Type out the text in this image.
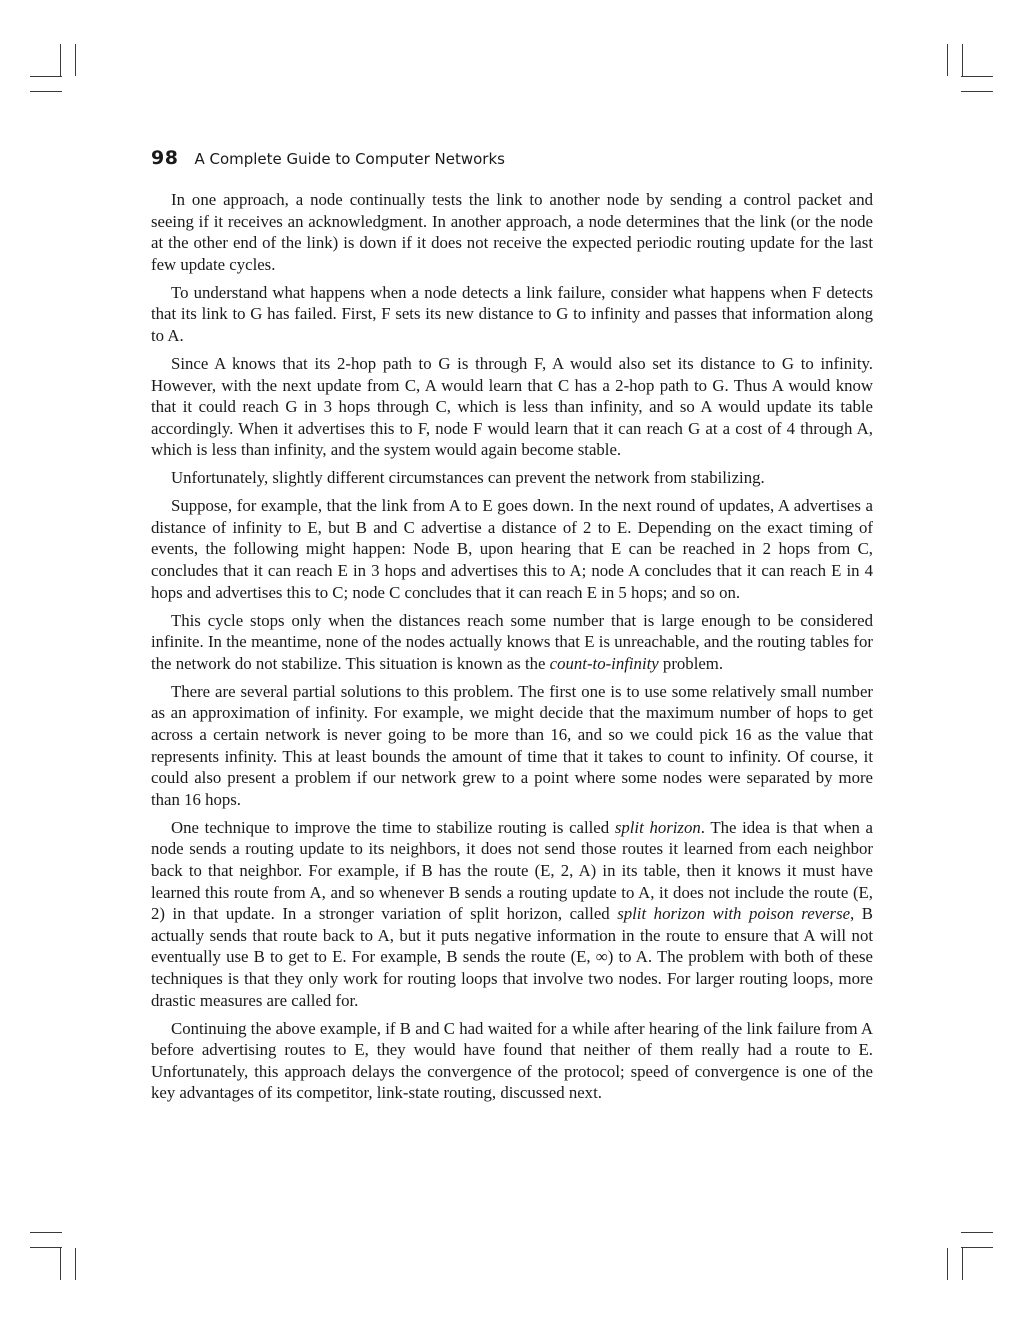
98 A Complete Guide to Computer Networks

In one approach, a node continually tests the link to another node by sending a control packet and seeing if it receives an acknowledgment. In another approach, a node determines that the link (or the node at the other end of the link) is down if it does not receive the expected periodic routing update for the last few update cycles.

To understand what happens when a node detects a link failure, consider what happens when F detects that its link to G has failed. First, F sets its new distance to G to infinity and passes that information along to A.

Since A knows that its 2-hop path to G is through F, A would also set its distance to G to infinity. However, with the next update from C, A would learn that C has a 2-hop path to G. Thus A would know that it could reach G in 3 hops through C, which is less than infinity, and so A would update its table accordingly. When it advertises this to F, node F would learn that it can reach G at a cost of 4 through A, which is less than infinity, and the system would again become stable.

Unfortunately, slightly different circumstances can prevent the network from stabilizing.

Suppose, for example, that the link from A to E goes down. In the next round of updates, A advertises a distance of infinity to E, but B and C advertise a distance of 2 to E. Depending on the exact timing of events, the following might happen: Node B, upon hearing that E can be reached in 2 hops from C, concludes that it can reach E in 3 hops and advertises this to A; node A concludes that it can reach E in 4 hops and advertises this to C; node C concludes that it can reach E in 5 hops; and so on.

This cycle stops only when the distances reach some number that is large enough to be considered infinite. In the meantime, none of the nodes actually knows that E is unreachable, and the routing tables for the network do not stabilize. This situation is known as the count-to-infinity problem.

There are several partial solutions to this problem. The first one is to use some relatively small number as an approximation of infinity. For example, we might decide that the maximum number of hops to get across a certain network is never going to be more than 16, and so we could pick 16 as the value that represents infinity. This at least bounds the amount of time that it takes to count to infinity. Of course, it could also present a problem if our network grew to a point where some nodes were separated by more than 16 hops.

One technique to improve the time to stabilize routing is called split horizon. The idea is that when a node sends a routing update to its neighbors, it does not send those routes it learned from each neighbor back to that neighbor. For example, if B has the route (E, 2, A) in its table, then it knows it must have learned this route from A, and so whenever B sends a routing update to A, it does not include the route (E, 2) in that update. In a stronger variation of split horizon, called split horizon with poison reverse, B actually sends that route back to A, but it puts negative information in the route to ensure that A will not eventually use B to get to E. For example, B sends the route (E, ∞) to A. The problem with both of these techniques is that they only work for routing loops that involve two nodes. For larger routing loops, more drastic measures are called for.

Continuing the above example, if B and C had waited for a while after hearing of the link failure from A before advertising routes to E, they would have found that neither of them really had a route to E. Unfortunately, this approach delays the convergence of the protocol; speed of convergence is one of the key advantages of its competitor, link-state routing, discussed next.
